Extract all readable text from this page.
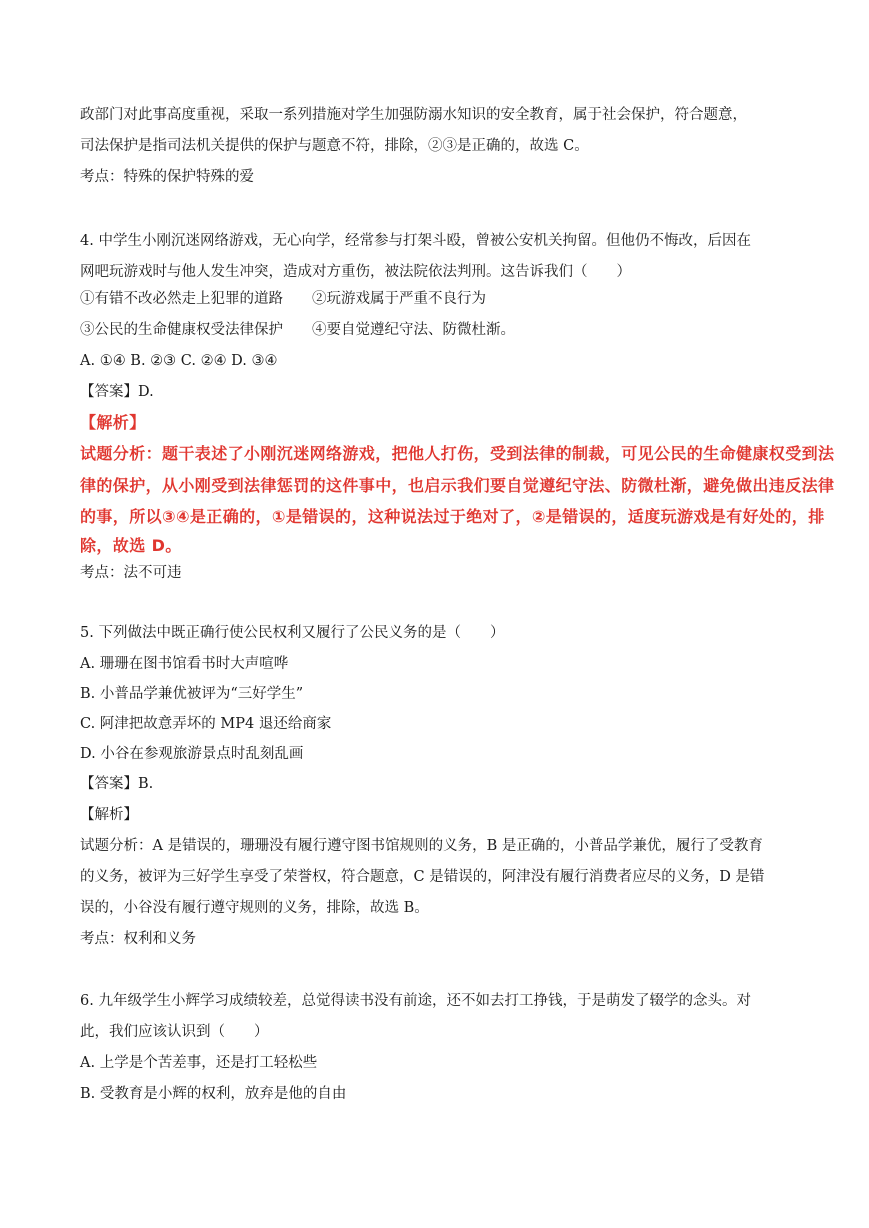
政部门对此事高度重视，采取一系列措施对学生加强防溺水知识的安全教育，属于社会保护，符合题意，
司法保护是指司法机关提供的保护与题意不符，排除，②③是正确的，故选 C。
考点：特殊的保护特殊的爱
4. 中学生小刚沉迷网络游戏，无心向学，经常参与打架斗殴，曾被公安机关拘留。但他仍不悔改，后因在
网吧玩游戏时与他人发生冲突，造成对方重伤，被法院依法判刑。这告诉我们（　　）
①有错不改必然走上犯罪的道路　　②玩游戏属于严重不良行为
③公民的生命健康权受法律保护　　④要自觉遵纪守法、防微杜渐。
A. ①④ B. ②③ C. ②④ D. ③④
【答案】D.
【解析】
试题分析：题干表述了小刚沉迷网络游戏，把他人打伤，受到法律的制裁，可见公民的生命健康权受到法
律的保护，从小刚受到法律惩罚的这件事中，也启示我们要自觉遵纪守法、防微杜渐，避免做出违反法律
的事，所以③④是正确的，①是错误的，这种说法过于绝对了，②是错误的，适度玩游戏是有好处的，排
除，故选 D。
考点：法不可违
5. 下列做法中既正确行使公民权利又履行了公民义务的是（　　）
A. 珊珊在图书馆看书时大声喧哗
B. 小普品学兼优被评为“三好学生”
C. 阿津把故意弄坏的 MP4 退还给商家
D. 小谷在参观旅游景点时乱刻乱画
【答案】B.
【解析】
试题分析：A 是错误的，珊珊没有履行遵守图书馆规则的义务，B 是正确的，小普品学兼优，履行了受教育
的义务，被评为三好学生享受了荣誉权，符合题意，C 是错误的，阿津没有履行消费者应尽的义务，D 是错
误的，小谷没有履行遵守规则的义务，排除，故选 B。
考点：权利和义务
6. 九年级学生小辉学习成绩较差，总觉得读书没有前途，还不如去打工挣钱，于是萌发了辍学的念头。对
此，我们应该认识到（　　）
A. 上学是个苦差事，还是打工轻松些
B. 受教育是小辉的权利，放弃是他的自由
